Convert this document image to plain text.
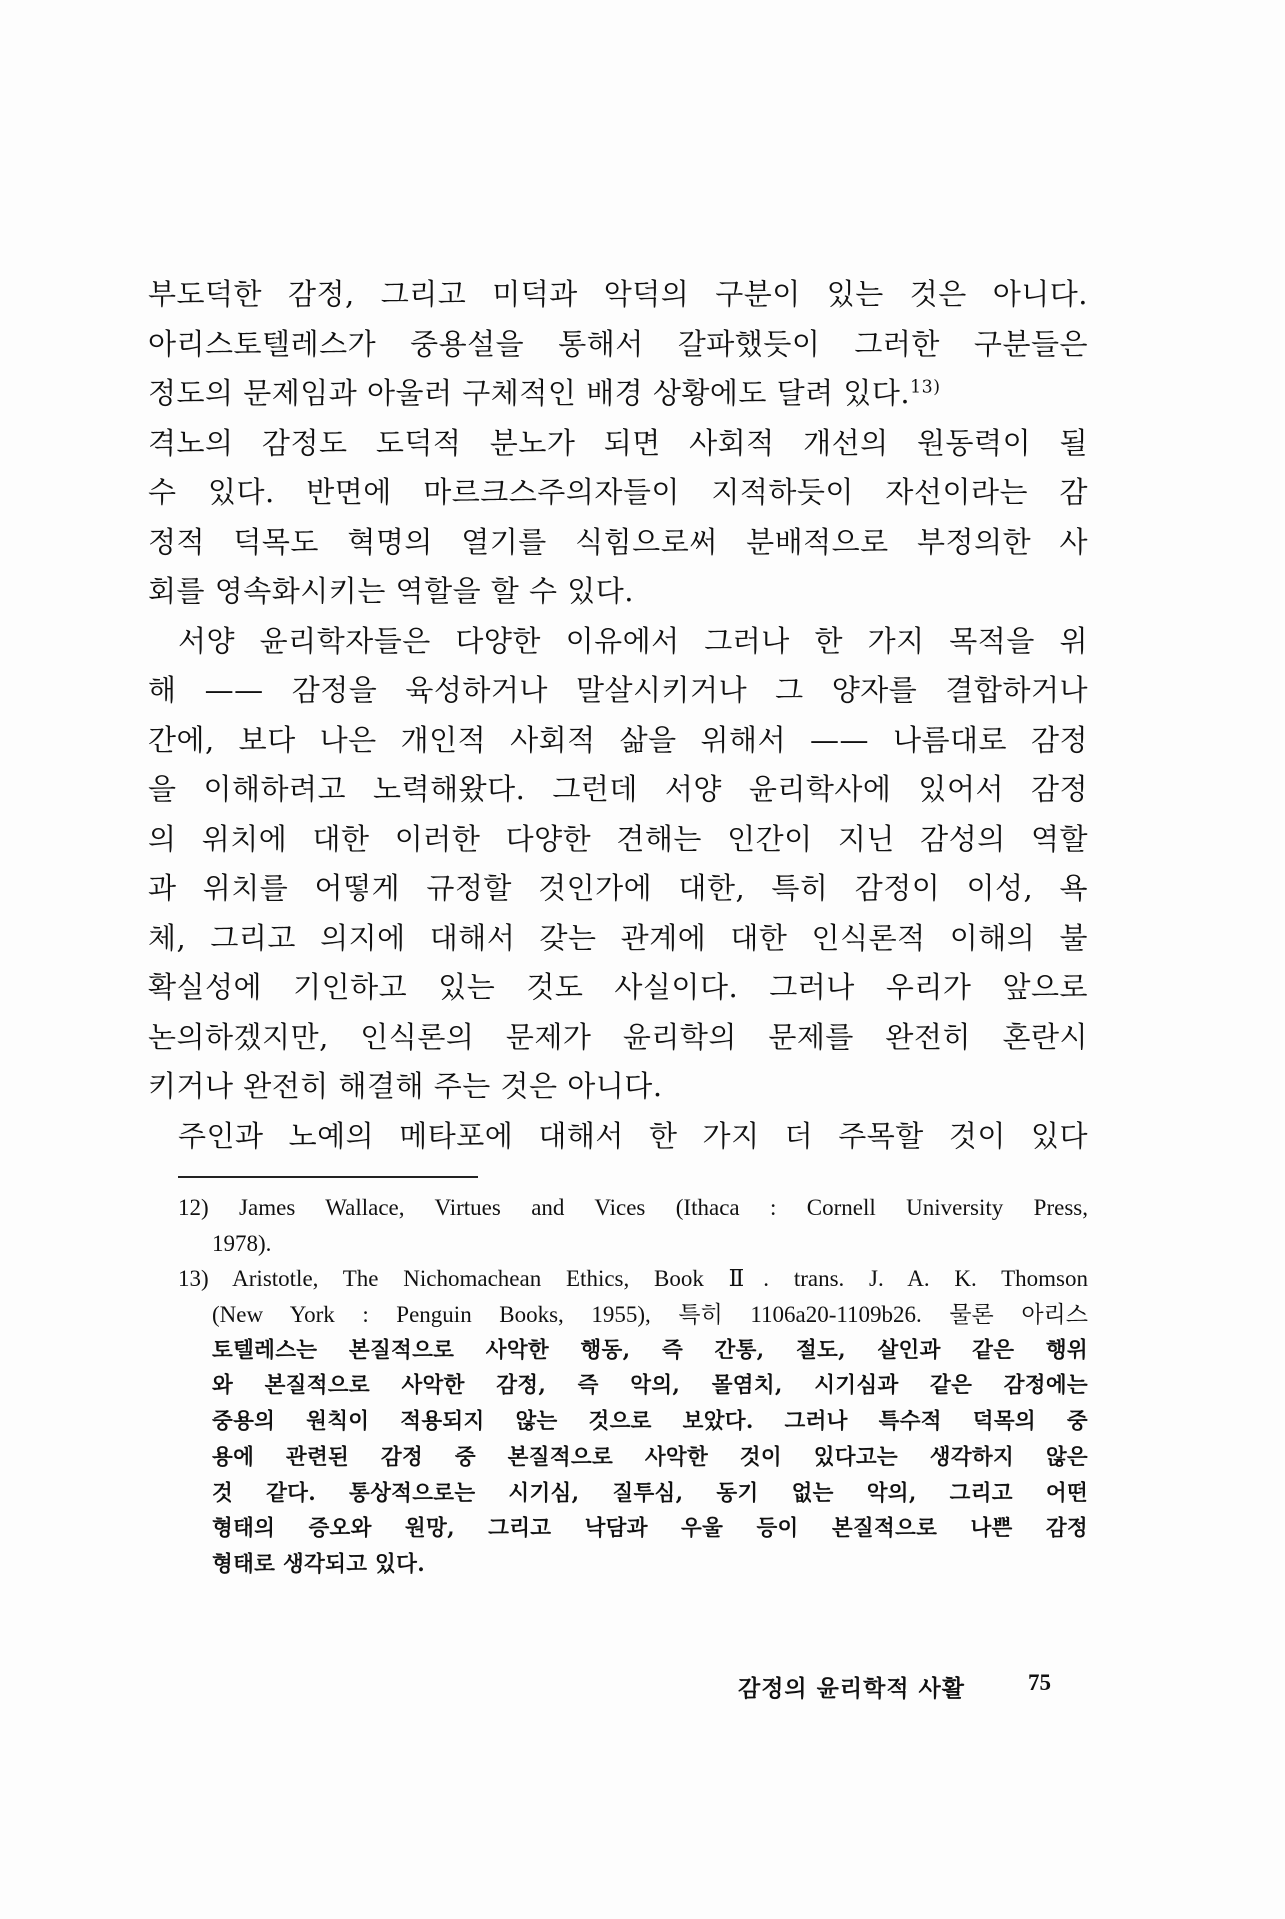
부도덕한 감정, 그리고 미덕과 악덕의 구분이 있는 것은 아니다.
아리스토텔레스가 중용설을 통해서 갈파했듯이 그러한 구분들은
정도의 문제임과 아울러 구체적인 배경 상황에도 달려 있다.$^{13)}$
격노의 감정도 도덕적 분노가 되면 사회적 개선의 원동력이 될
수 있다. 반면에 마르크스주의자들이 지적하듯이 자선이라는 감
정적 덕목도 혁명의 열기를 식힘으로써 분배적으로 부정의한 사
회를 영속화시키는 역할을 할 수 있다.
서양 윤리학자들은 다양한 이유에서 그러나 한 가지 목적을 위
해 —— 감정을 육성하거나 말살시키거나 그 양자를 결합하거나
간에, 보다 나은 개인적 사회적 삶을 위해서 —— 나름대로 감정
을 이해하려고 노력해왔다. 그런데 서양 윤리학사에 있어서 감정
의 위치에 대한 이러한 다양한 견해는 인간이 지닌 감성의 역할
과 위치를 어떻게 규정할 것인가에 대한, 특히 감정이 이성, 욕
체, 그리고 의지에 대해서 갖는 관계에 대한 인식론적 이해의 불
확실성에 기인하고 있는 것도 사실이다. 그러나 우리가 앞으로
논의하겠지만, 인식론의 문제가 윤리학의 문제를 완전히 혼란시
키거나 완전히 해결해 주는 것은 아니다.
주인과 노예의 메타포에 대해서 한 가지 더 주목할 것이 있다
12) James Wallace, Virtues and Vices (Ithaca : Cornell University Press,
1978).
13) Aristotle, The Nichomachean Ethics, Book Ⅱ. trans. J. A. K. Thomson
(New York : Penguin Books, 1955), 특히 1106a20-1109b26. 물론 아리스
토텔레스는 본질적으로 사악한 행동, 즉 간통, 절도, 살인과 같은 행위
와 본질적으로 사악한 감정, 즉 악의, 몰염치, 시기심과 같은 감정에는
중용의 원칙이 적용되지 않는 것으로 보았다. 그러나 특수적 덕목의 중
용에 관련된 감정 중 본질적으로 사악한 것이 있다고는 생각하지 않은
것 같다. 통상적으로는 시기심, 질투심, 동기 없는 악의, 그리고 어떤
형태의 증오와 원망, 그리고 낙담과 우울 등이 본질적으로 나쁜 감정
형태로 생각되고 있다.
감정의 윤리학적 사활	75
